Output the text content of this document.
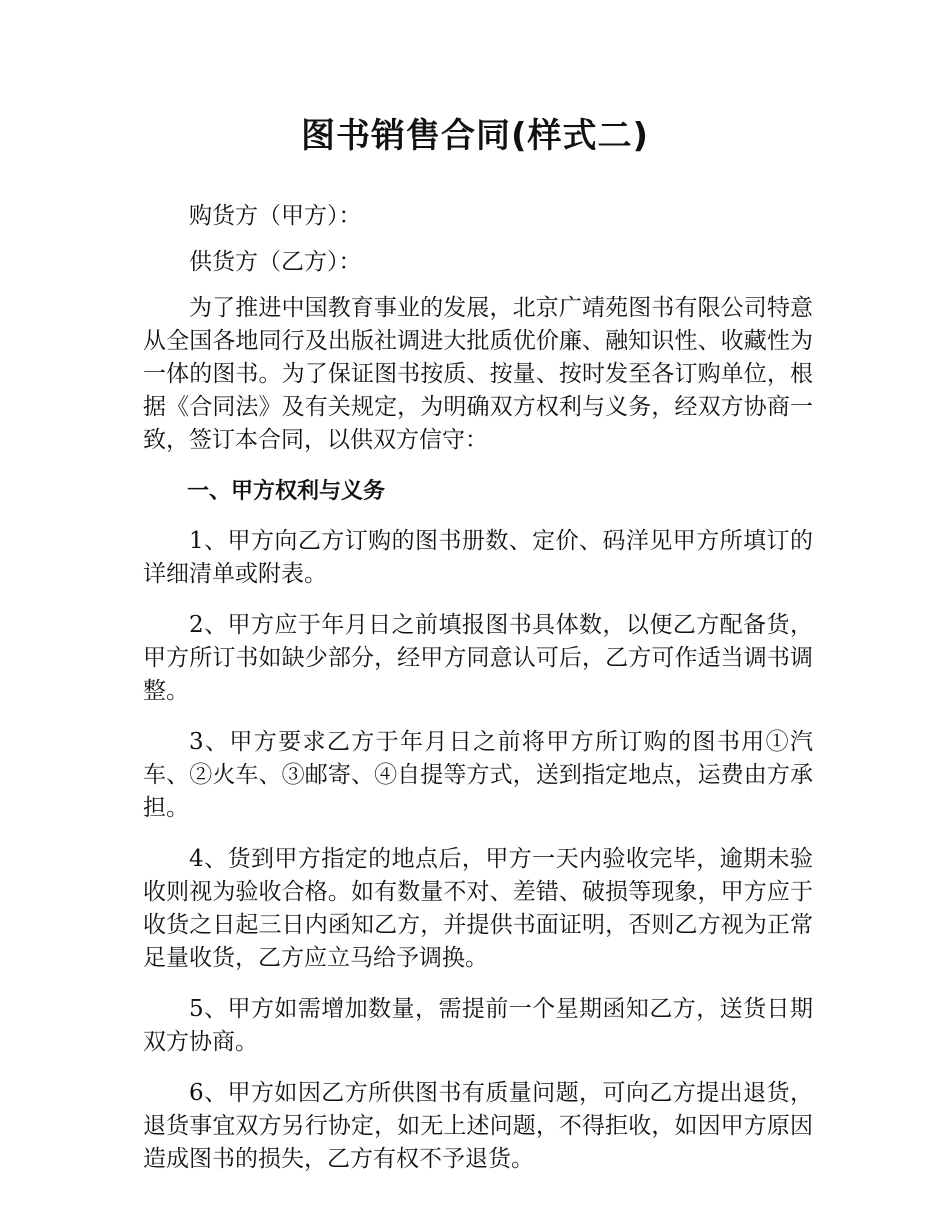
图书销售合同(样式二)

购货方（甲方）：

供货方（乙方）：

为了推进中国教育事业的发展，北京广靖苑图书有限公司特意从全国各地同行及出版社调进大批质优价廉、融知识性、收藏性为一体的图书。为了保证图书按质、按量、按时发至各订购单位，根据《合同法》及有关规定，为明确双方权利与义务，经双方协商一致，签订本合同，以供双方信守：

一、甲方权利与义务

1、甲方向乙方订购的图书册数、定价、码洋见甲方所填订的详细清单或附表。

2、甲方应于年月日之前填报图书具体数，以便乙方配备货，甲方所订书如缺少部分，经甲方同意认可后，乙方可作适当调书调整。

3、甲方要求乙方于年月日之前将甲方所订购的图书用①汽车、②火车、③邮寄、④自提等方式，送到指定地点，运费由方承担。

4、货到甲方指定的地点后，甲方一天内验收完毕，逾期未验收则视为验收合格。如有数量不对、差错、破损等现象，甲方应于收货之日起三日内函知乙方，并提供书面证明，否则乙方视为正常足量收货，乙方应立马给予调换。

5、甲方如需增加数量，需提前一个星期函知乙方，送货日期双方协商。

6、甲方如因乙方所供图书有质量问题，可向乙方提出退货，退货事宜双方另行协定，如无上述问题，不得拒收，如因甲方原因造成图书的损失，乙方有权不予退货。
